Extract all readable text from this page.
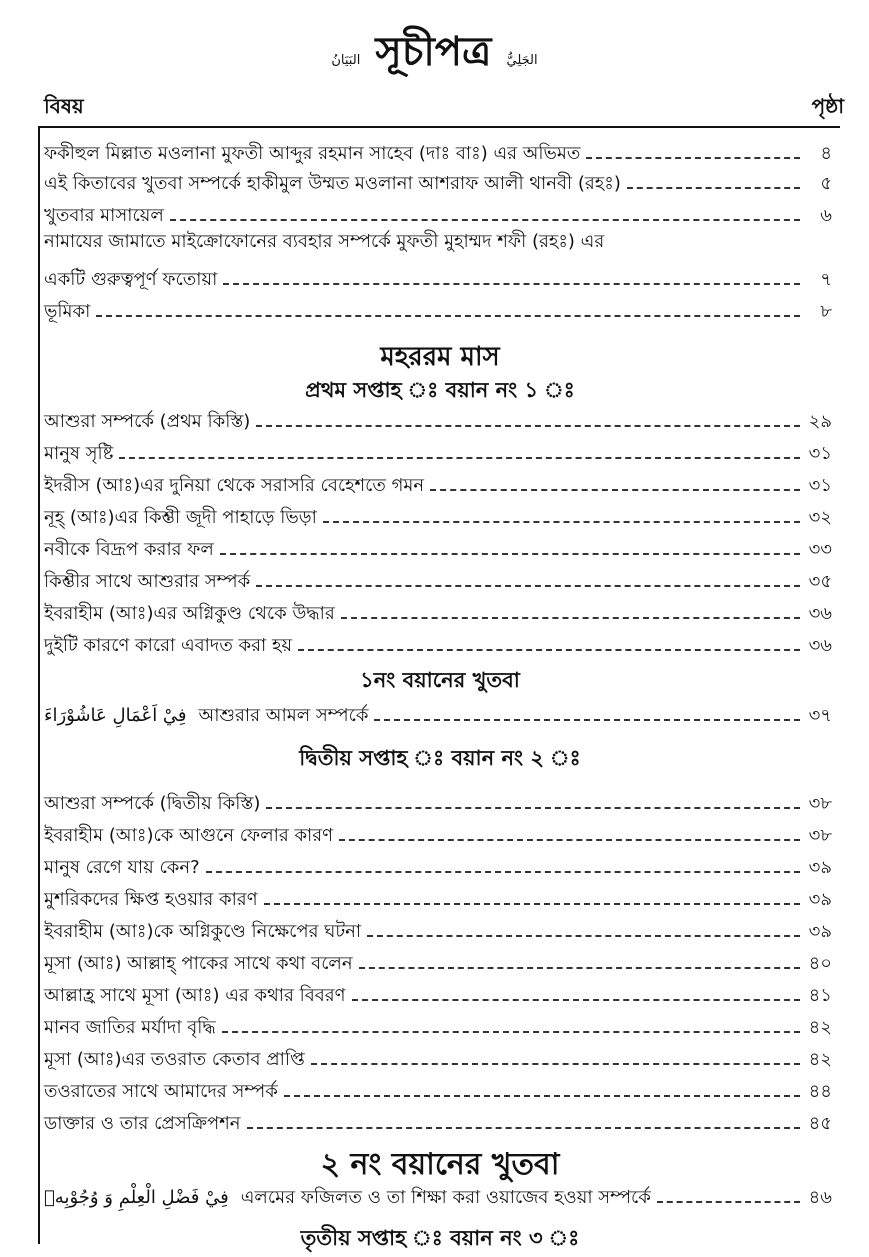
البَيَانُ সূচীপত্র الجَلِيُّ
বিষয়	পৃষ্ঠা
ফকীহুল মিল্লাত মওলানা মুফতী আব্দুর রহমান সাহেব (দাঃ বাঃ) এর অভিমত	৪
এই কিতাবের খুতবা সম্পর্কে হাকীমুল উম্মত মওলানা আশরাফ আলী থানবী (রহঃ)	৫
খুতবার মাসায়েল	৬
নামাযের জামাতে মাইক্রোফোনের ব্যবহার সম্পর্কে মুফতী মুহাম্মদ শফী (রহঃ) এর
একটি গুরুত্বপূর্ণ ফতোয়া	৭
ভূমিকা	৮
মহররম মাস
প্রথম সপ্তাহ ঃ বয়ান নং ১ ঃ
আশুরা সম্পর্কে (প্রথম কিস্তি)	২৯
মানুষ সৃষ্টি	৩১
ইদরীস (আঃ)এর দুনিয়া থেকে সরাসরি বেহেশতে গমন	৩১
নূহ্ (আঃ)এর কিশ্তী জূদী পাহাড়ে ভিড়া	৩২
নবীকে বিদ্রূপ করার ফল	৩৩
কিশ্তীর সাথে আশুরার সম্পর্ক	৩৫
ইবরাহীম (আঃ)এর অগ্নিকুণ্ড থেকে উদ্ধার	৩৬
দুইটি কারণে কারো এবাদত করা হয়	৩৬
১নং বয়ানের খুতবা
فِيْ اَعْمَالِ عَاشُوْرَاءَ আশুরার আমল সম্পর্কে	৩৭
দ্বিতীয় সপ্তাহ ঃ বয়ান নং ২ ঃ
আশুরা সম্পর্কে (দ্বিতীয় কিস্তি)	৩৮
ইবরাহীম (আঃ)কে আগুনে ফেলার কারণ	৩৮
মানুষ রেগে যায় কেন?	৩৯
মুশরিকদের ক্ষিপ্ত হওয়ার কারণ	৩৯
ইবরাহীম (আঃ)কে অগ্নিকুণ্ডে নিক্ষেপের ঘটনা	৩৯
মূসা (আঃ) আল্লাহ্ পাকের সাথে কথা বলেন	৪০
আল্লাহ্র সাথে মূসা (আঃ) এর কথার বিবরণ	৪১
মানব জাতির মর্যাদা বৃদ্ধি	৪২
মূসা (আঃ)এর তওরাত কেতাব প্রাপ্তি	৪২
তওরাতের সাথে আমাদের সম্পর্ক	৪৪
ডাক্তার ও তার প্রেসক্রিপশন	৪৫
২ নং বয়ানের খুতবা
فِيْ فَضْلِ الْعِلْمِ وَ وُجُوْبِهٖ এলমের ফজিলত ও তা শিক্ষা করা ওয়াজেব হওয়া সম্পর্কে	৪৬
তৃতীয় সপ্তাহ ঃ বয়ান নং ৩ ঃ
